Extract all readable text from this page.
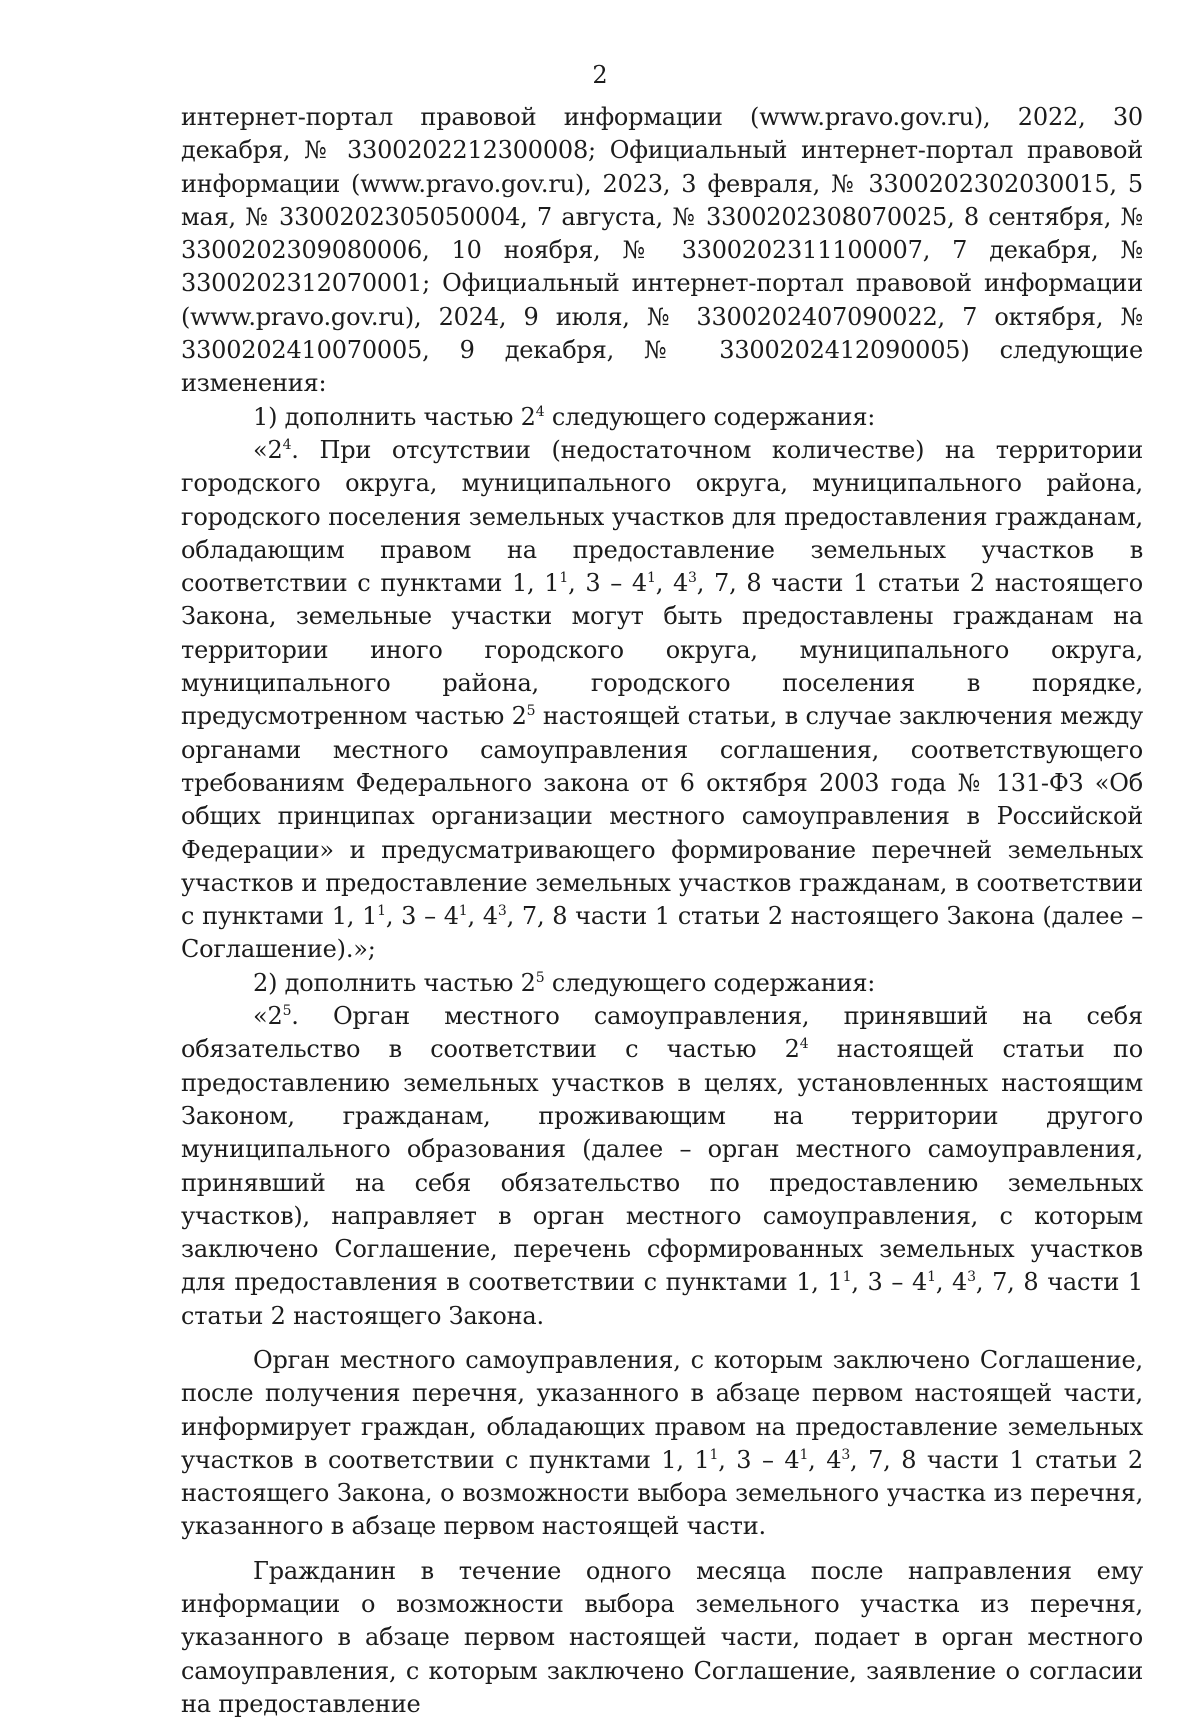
2

интернет-портал правовой информации (www.pravo.gov.ru), 2022, 30 декабря, № 3300202212300008; Официальный интернет-портал правовой информации (www.pravo.gov.ru), 2023, 3 февраля, № 3300202302030015, 5 мая, № 3300202305050004, 7 августа, № 3300202308070025, 8 сентября, № 3300202309080006, 10 ноября, № 3300202311100007, 7 декабря, № 3300202312070001; Официальный интернет-портал правовой информации (www.pravo.gov.ru), 2024, 9 июля, № 3300202407090022, 7 октября, № 3300202410070005, 9 декабря, № 3300202412090005) следующие изменения:

1) дополнить частью $2^4$ следующего содержания:

«$2^4$. При отсутствии (недостаточном количестве) на территории городского округа, муниципального округа, муниципального района, городского поселения земельных участков для предоставления гражданам, обладающим правом на предоставление земельных участков в соответствии с пунктами 1, $1^1$, $3 - 4^1$, $4^3$, 7, 8 части 1 статьи 2 настоящего Закона, земельные участки могут быть предоставлены гражданам на территории иного городского округа, муниципального округа, муниципального района, городского поселения в порядке, предусмотренном частью $2^5$ настоящей статьи, в случае заключения между органами местного самоуправления соглашения, соответствующего требованиям Федерального закона от 6 октября 2003 года № 131-ФЗ «Об общих принципах организации местного самоуправления в Российской Федерации» и предусматривающего формирование перечней земельных участков и предоставление земельных участков гражданам, в соответствии с пунктами 1, $1^1$, $3 - 4^1$, $4^3$, 7, 8 части 1 статьи 2 настоящего Закона (далее – Соглашение).»;

2) дополнить частью $2^5$ следующего содержания:

«$2^5$. Орган местного самоуправления, принявший на себя обязательство в соответствии с частью $2^4$ настоящей статьи по предоставлению земельных участков в целях, установленных настоящим Законом, гражданам, проживающим на территории другого муниципального образования (далее – орган местного самоуправления, принявший на себя обязательство по предоставлению земельных участков), направляет в орган местного самоуправления, с которым заключено Соглашение, перечень сформированных земельных участков для предоставления в соответствии с пунктами 1, $1^1$, $3 - 4^1$, $4^3$, 7, 8 части 1 статьи 2 настоящего Закона.

Орган местного самоуправления, с которым заключено Соглашение, после получения перечня, указанного в абзаце первом настоящей части, информирует граждан, обладающих правом на предоставление земельных участков в соответствии с пунктами 1, $1^1$, $3 - 4^1$, $4^3$, 7, 8 части 1 статьи 2 настоящего Закона, о возможности выбора земельного участка из перечня, указанного в абзаце первом настоящей части.

Гражданин в течение одного месяца после направления ему информации о возможности выбора земельного участка из перечня, указанного в абзаце первом настоящей части, подает в орган местного самоуправления, с которым заключено Соглашение, заявление о согласии на предоставление
